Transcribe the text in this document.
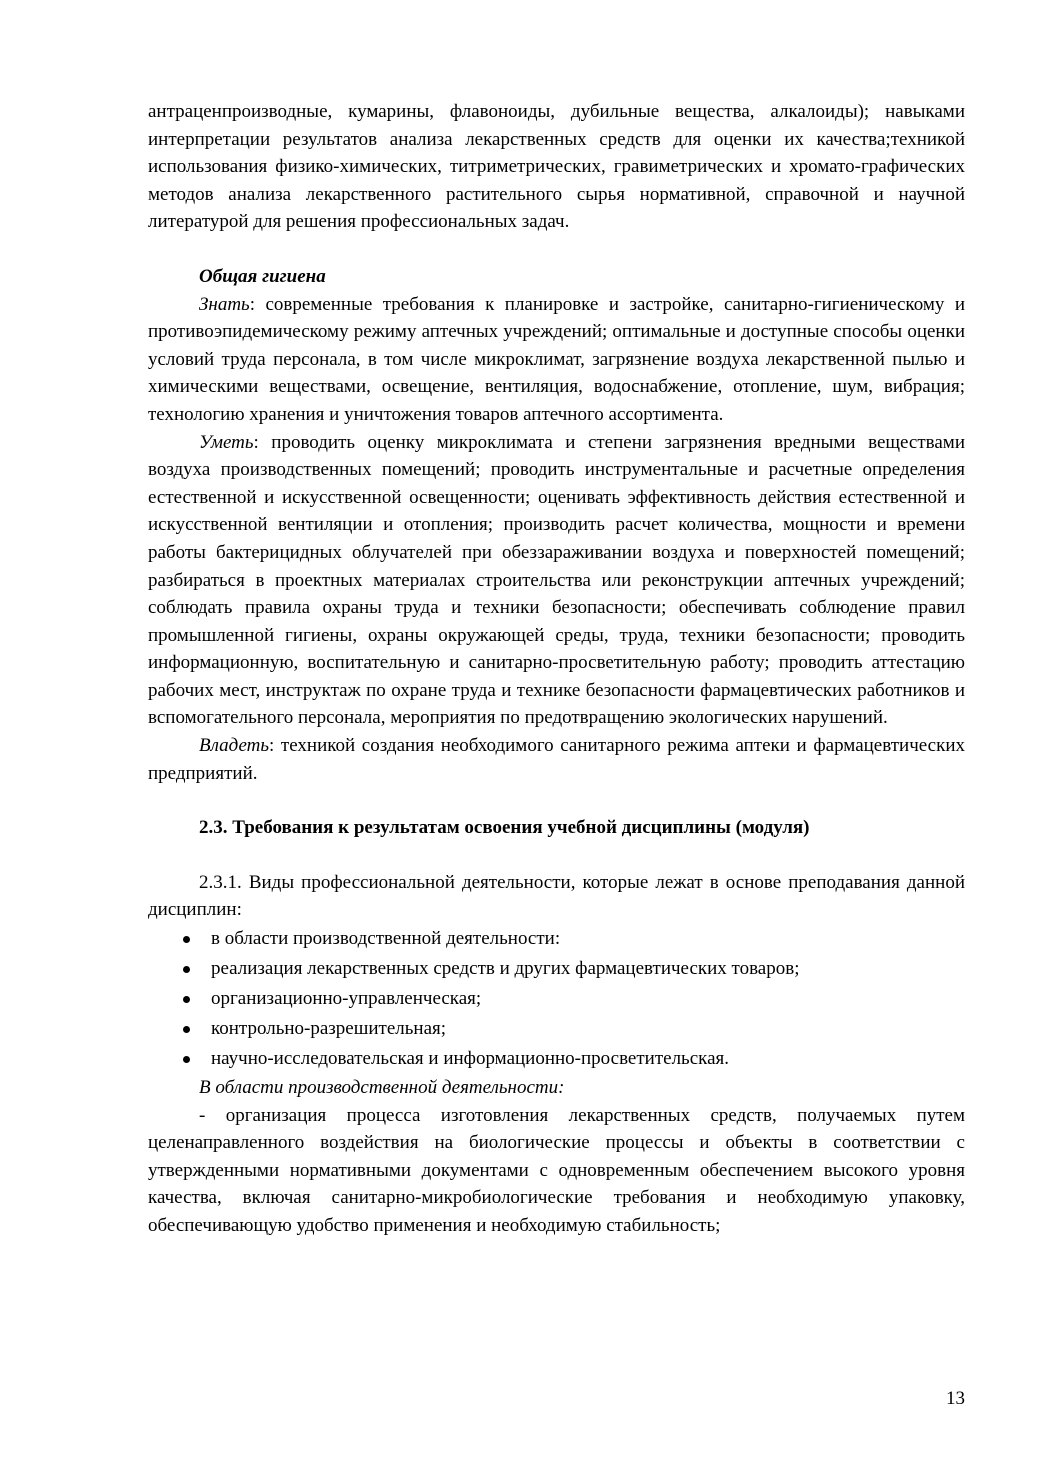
антраценпроизводные, кумарины, флавоноиды, дубильные вещества, алкалоиды); навыками интерпретации результатов анализа лекарственных средств для оценки их качества;техникой использования физико-химических, титриметрических, гравиметрических и хромато-графических методов анализа лекарственного растительного сырья нормативной, справочной и научной литературой для решения профессиональных задач.

Общая гигиена

Знать: современные требования к планировке и застройке, санитарно-гигиеническому и противоэпидемическому режиму аптечных учреждений; оптимальные и доступные способы оценки условий труда персонала, в том числе микроклимат, загрязнение воздуха лекарственной пылью и химическими веществами, освещение, вентиляция, водоснабжение, отопление, шум, вибрация; технологию хранения и уничтожения товаров аптечного ассортимента.

Уметь: проводить оценку микроклимата и степени загрязнения вредными веществами воздуха производственных помещений; проводить инструментальные и расчетные определения естественной и искусственной освещенности; оценивать эффективность действия естественной и искусственной вентиляции и отопления; производить расчет количества, мощности и времени работы бактерицидных облучателей при обеззараживании воздуха и поверхностей помещений; разбираться в проектных материалах строительства или реконструкции аптечных учреждений; соблюдать правила охраны труда и техники безопасности; обеспечивать соблюдение правил промышленной гигиены, охраны окружающей среды, труда, техники безопасности; проводить информационную, воспитательную и санитарно-просветительную работу; проводить аттестацию рабочих мест, инструктаж по охране труда и технике безопасности фармацевтических работников и вспомогательного персонала, мероприятия по предотвращению экологических нарушений.

Владеть: техникой создания необходимого санитарного режима аптеки и фармацевтических предприятий.

2.3. Требования к результатам освоения учебной дисциплины (модуля)

2.3.1. Виды профессиональной деятельности, которые лежат в основе преподавания данной дисциплин:

в области производственной деятельности:
реализация лекарственных средств и других фармацевтических товаров;
организационно-управленческая;
контрольно-разрешительная;
научно-исследовательская и информационно-просветительская.

В области производственной деятельности:

- организация процесса изготовления лекарственных средств, получаемых путем целенаправленного воздействия на биологические процессы и объекты в соответствии с утвержденными нормативными документами с одновременным обеспечением высокого уровня качества, включая санитарно-микробиологические требования и необходимую упаковку, обеспечивающую удобство применения и необходимую стабильность;

13
